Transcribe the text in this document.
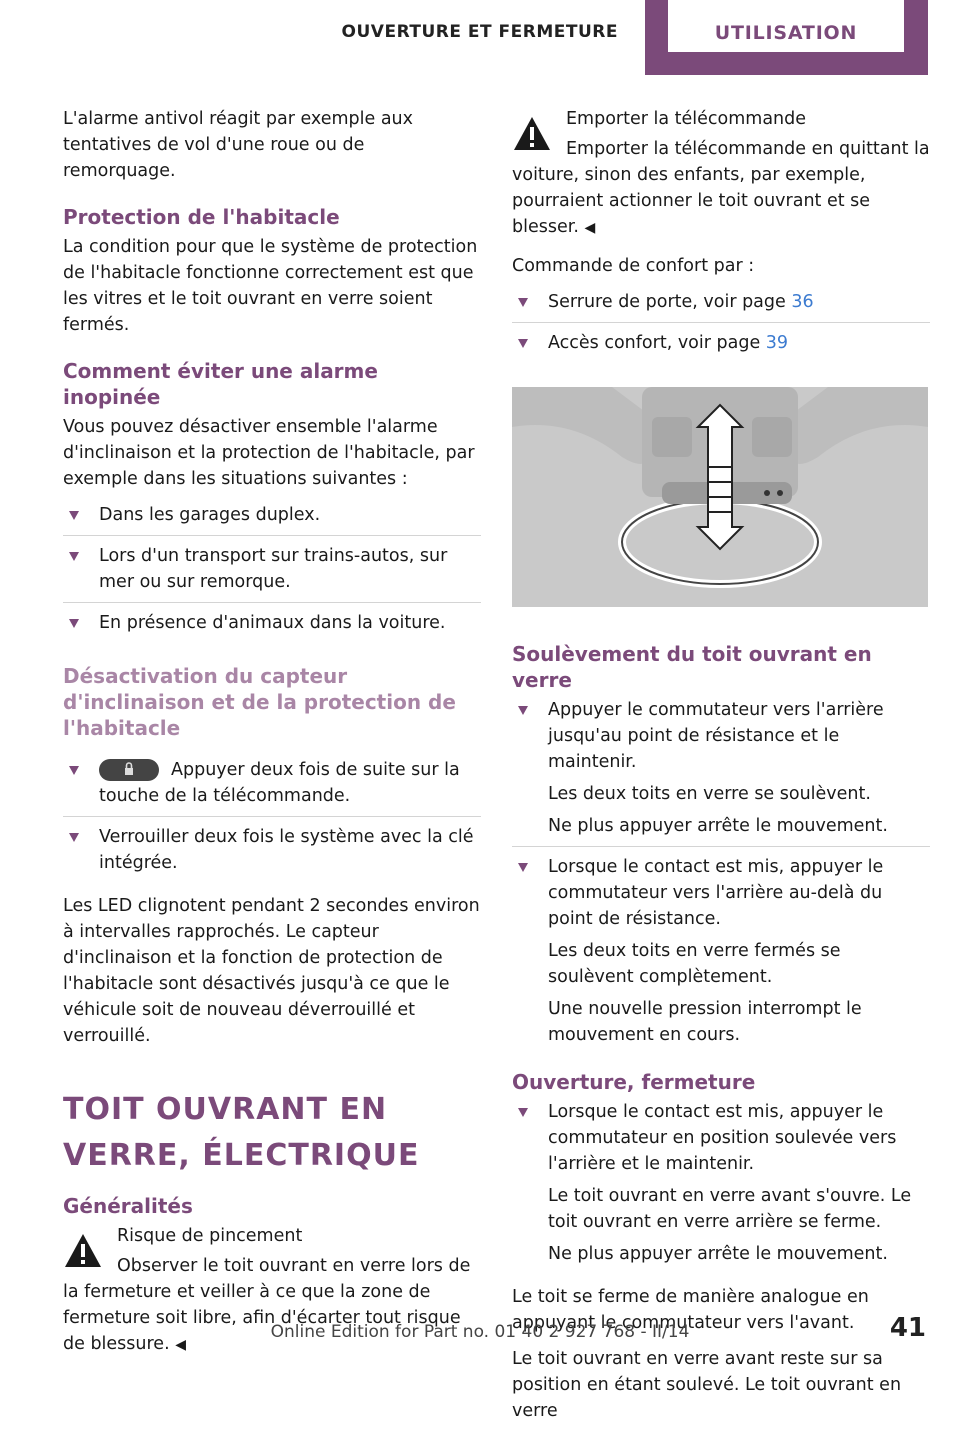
OUVERTURE ET FERMETURE	UTILISATION

L'alarme antivol réagit par exemple aux tentatives de vol d'une roue ou de remorquage.

Protection de l'habitacle

La condition pour que le système de protection de l'habitacle fonctionne correctement est que les vitres et le toit ouvrant en verre soient fermés.

Comment éviter une alarme inopinée

Vous pouvez désactiver ensemble l'alarme d'inclinaison et la protection de l'habitacle, par exemple dans les situations suivantes :

Dans les garages duplex.
Lors d'un transport sur trains-autos, sur mer ou sur remorque.
En présence d'animaux dans la voiture.
Désactivation du capteur d'inclinaison et de la protection de l'habitacle
Appuyer deux fois de suite sur la touche de la télécommande.
Verrouiller deux fois le système avec la clé intégrée.

Les LED clignotent pendant 2 secondes environ à intervalles rapprochés. Le capteur d'inclinaison et la fonction de protection de l'habitacle sont désactivés jusqu'à ce que le véhicule soit de nouveau déverrouillé et verrouillé.

TOIT OUVRANT EN VERRE, ÉLECTRIQUE
Généralités

Risque de pincement

Observer le toit ouvrant en verre lors de la fermeture et veiller à ce que la zone de fermeture soit libre, afin d'écarter tout risque de blessure. ◀

Emporter la télécommande

Emporter la télécommande en quittant la voiture, sinon des enfants, par exemple, pourraient actionner le toit ouvrant et se blesser. ◀

Commande de confort par :

Serrure de porte, voir page 36
Accès confort, voir page 39
Soulèvement du toit ouvrant en verre
Appuyer le commutateur vers l'arrière jusqu'au point de résistance et le maintenir.
Les deux toits en verre se soulèvent.
Ne plus appuyer arrête le mouvement.
Lorsque le contact est mis, appuyer le commutateur vers l'arrière au-delà du point de résistance.
Les deux toits en verre fermés se soulèvent complètement.
Une nouvelle pression interrompt le mouvement en cours.
Ouverture, fermeture
Lorsque le contact est mis, appuyer le commutateur en position soulevée vers l'arrière et le maintenir.
Le toit ouvrant en verre avant s'ouvre. Le toit ouvrant en verre arrière se ferme.
Ne plus appuyer arrête le mouvement.

Le toit se ferme de manière analogue en appuyant le commutateur vers l'avant.

Le toit ouvrant en verre avant reste sur sa position en étant soulevé. Le toit ouvrant en verre

41
Online Edition for Part no. 01 40 2 927 768 - II/14
